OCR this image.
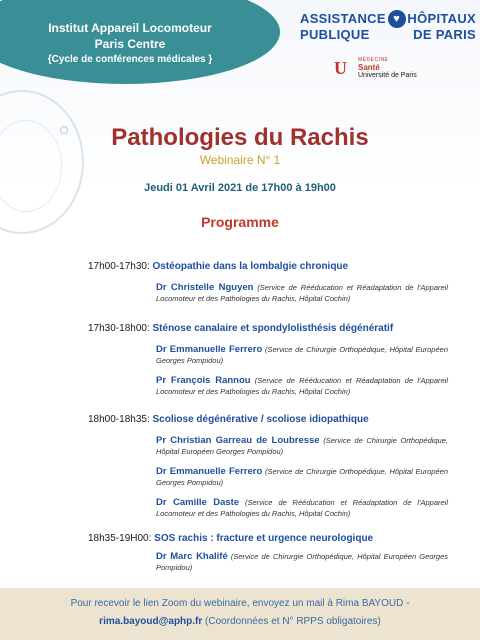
Institut Appareil Locomoteur
Paris Centre
{Cycle de conférences médicales }
ASSISTANCE ♥ HÔPITAUX
PUBLIQUE	DE PARIS
U	MÉDECINE
Santé
Université de Paris
Pathologies du Rachis
Webinaire N° 1
Jeudi 01 Avril 2021 de 17h00 à 19h00
Programme
17h00-17h30: Ostéopathie dans la lombalgie chronique
Dr Christelle Nguyen (Service de Rééducation et Réadaptation de l'Appareil Locomoteur et des Pathologies du Rachis, Hôpital Cochin)
17h30-18h00: Sténose canalaire et spondylolisthésis dégénératif
Dr Emmanuelle Ferrero (Service de Chirurgie Orthopédique, Hôpital Européen Georges Pompidou)
Pr François Rannou (Service de Rééducation et Réadaptation de l'Appareil Locomoteur et des Pathologies du Rachis, Hôpital Cochin)
18h00-18h35: Scoliose dégénérative / scoliose idiopathique
Pr Christian Garreau de Loubresse (Service de Chirurgie Orthopédique, Hôpital Européen Georges Pompidou)
Dr Emmanuelle Ferrero (Service de Chirurgie Orthopédique, Hôpital Européen Georges Pompidou)
Dr Camille Daste (Service de Rééducation et Réadaptation de l'Appareil Locomoteur et des Pathologies du Rachis, Hôpital Cochin)
18h35-19H00: SOS rachis : fracture et urgence neurologique
Dr Marc Khalifé (Service de Chirurgie Orthopédique, Hôpital Européen Georges Pompidou)
Pour recevoir le lien Zoom du webinaire, envoyez un mail à Rima BAYOUD -
rima.bayoud@aphp.fr (Coordonnées et N° RPPS obligatoires)
